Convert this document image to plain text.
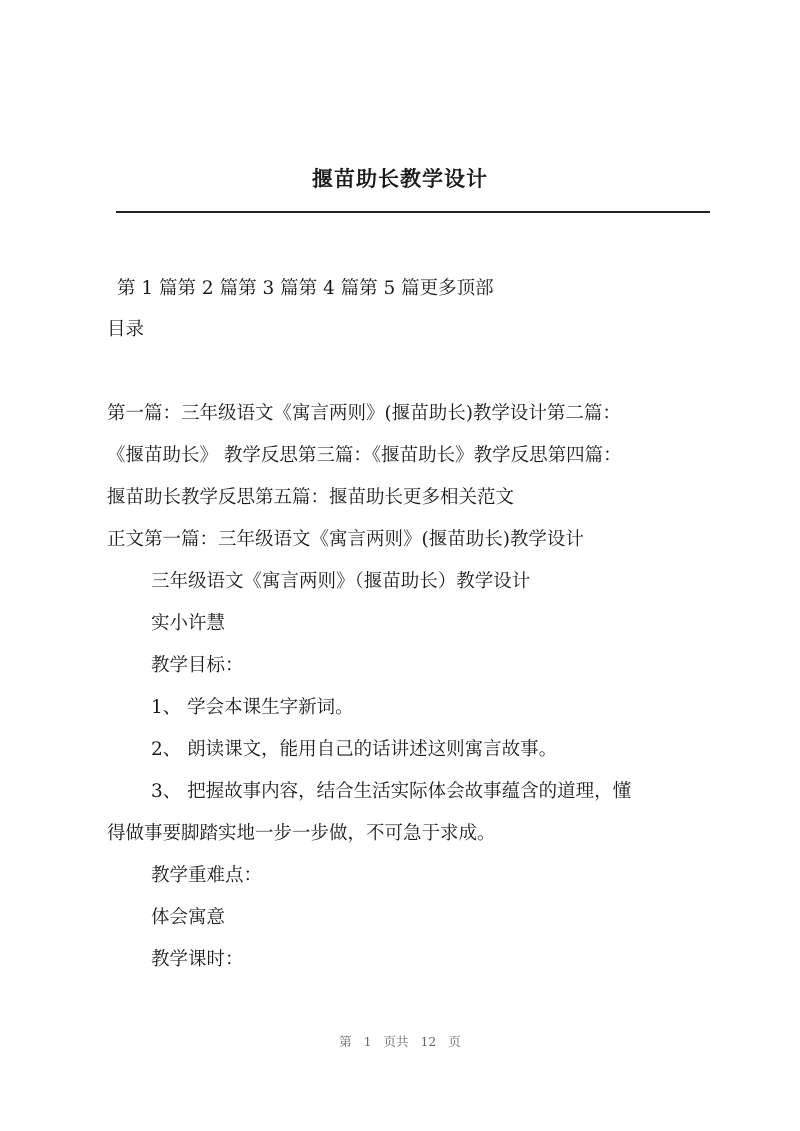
揠苗助长教学设计
第 1 篇第 2 篇第 3 篇第 4 篇第 5 篇更多顶部
目录
第一篇：三年级语文《寓言两则》(揠苗助长)教学设计第二篇：
《揠苗助长》 教学反思第三篇：《揠苗助长》教学反思第四篇：
揠苗助长教学反思第五篇：揠苗助长更多相关范文
正文第一篇：三年级语文《寓言两则》(揠苗助长)教学设计
三年级语文《寓言两则》（揠苗助长）教学设计
实小许慧
教学目标：
1、 学会本课生字新词。
2、 朗读课文，能用自己的话讲述这则寓言故事。
3、 把握故事内容，结合生活实际体会故事蕴含的道理，懂
得做事要脚踏实地一步一步做，不可急于求成。
教学重难点：
体会寓意
教学课时：
第 1 页共 12 页
